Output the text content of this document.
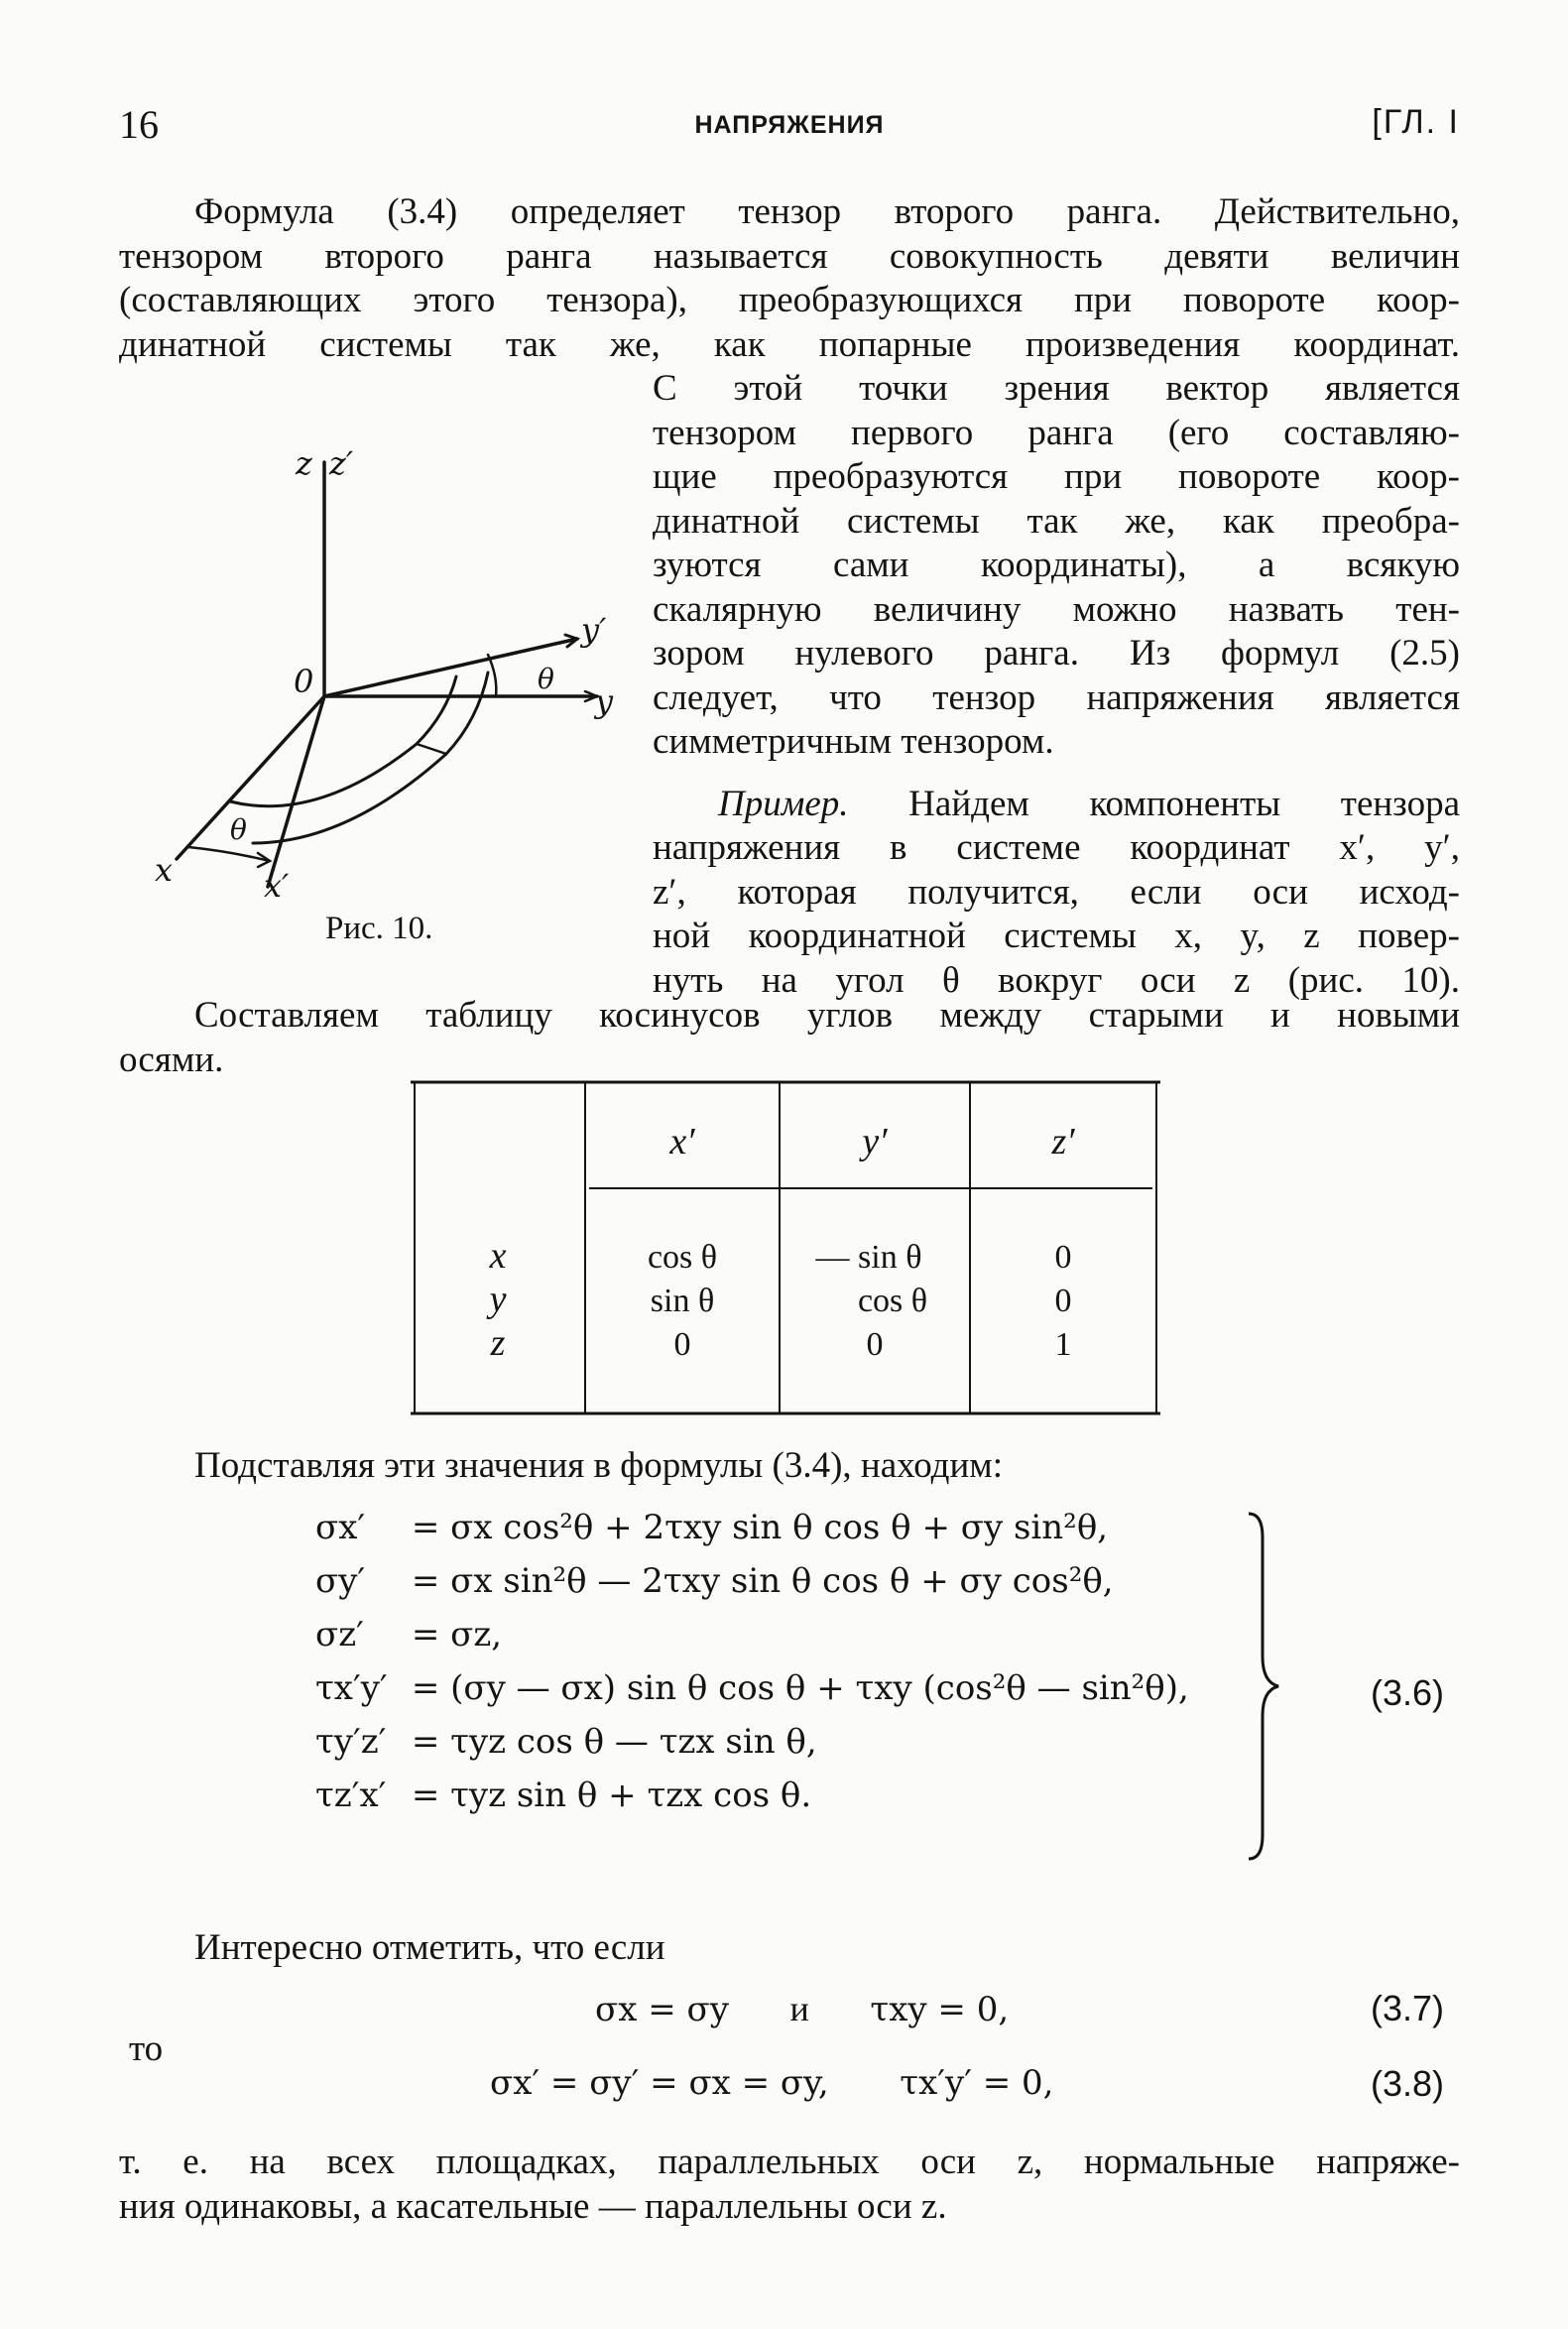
16	НАПРЯЖЕНИЯ	[ГЛ. I
Формула (3.4) определяет тензор второго ранга. Действительно,
тензором второго ранга называется совокупность девяти величин
(составляющих этого тензора), преобразующихся при повороте коор-
динатной системы так же, как попарные произведения координат.
С этой точки зрения вектор является
тензором первого ранга (его составляю-
щие преобразуются при повороте коор-
динатной системы так же, как преобра-
зуются сами координаты), а всякую
скалярную величину можно назвать тен-
зором нулевого ранга. Из формул (2.5)
следует, что тензор напряжения является
симметричным тензором.
Пример. Найдем компоненты тензора
напряжения в системе координат x′, y′,
z′, которая получится, если оси исход-
ной координатной системы x, y, z повер-
нуть на угол θ вокруг оси z (рис. 10).
z z′
y′
y
0	θ
θ
x	x′
Рис. 10.
Составляем таблицу косинусов углов между старыми и новыми
осями.
x′	y′	z′
x	cos θ	— sin θ	0
y	sin θ	cos θ	0
z	0	0	1
Подставляя эти значения в формулы (3.4), находим:
σx′ = σx cos²θ + 2τxy sin θ cos θ + σy sin²θ,
σy′ = σx sin²θ — 2τxy sin θ cos θ + σy cos²θ,
σz′ = σz,
τx′y′ = (σy — σx) sin θ cos θ + τxy (cos²θ — sin²θ),
τy′z′ = τyz cos θ — τzx sin θ,
τz′x′ = τyz sin θ + τzx cos θ.
(3.6)
Интересно отметить, что если
σx = σy и τxy = 0,	(3.7)
то
σx′ = σy′ = σx = σy, τx′y′ = 0,	(3.8)
т. е. на всех площадках, параллельных оси z, нормальные напряже-
ния одинаковы, а касательные — параллельны оси z.
